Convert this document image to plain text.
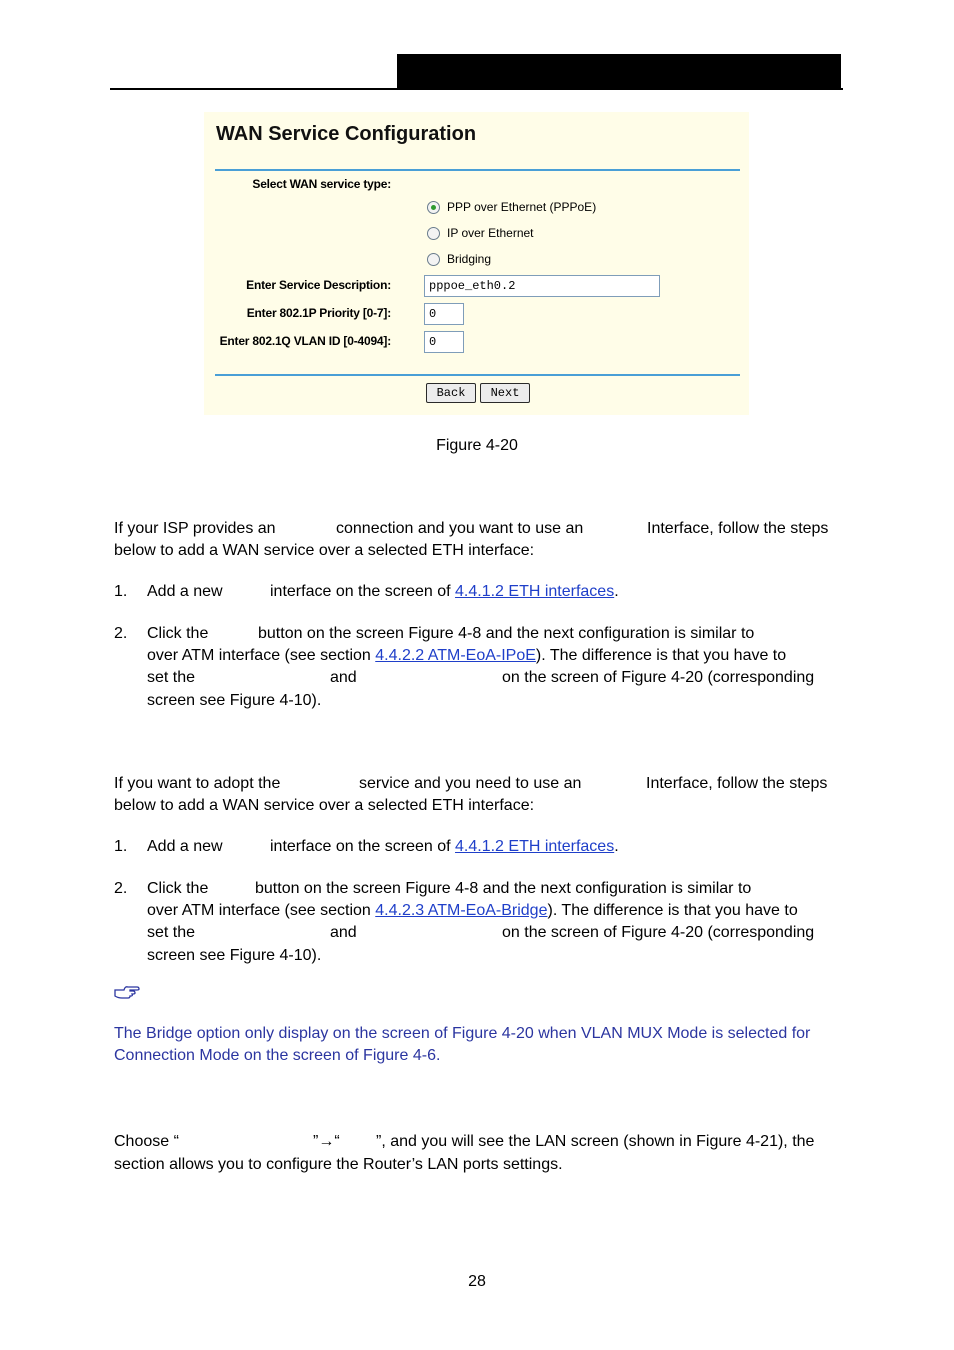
WAN Service Configuration
Select WAN service type:
PPP over Ethernet (PPPoE)
IP over Ethernet
Bridging
Enter Service Description:	pppoe_eth0.2
Enter 802.1P Priority [0-7]:	0
Enter 802.1Q VLAN ID [0-4094]:	0
Back	Next
Figure 4-20
If your ISP provides an	connection and you want to use an	Interface, follow the steps
below to add a WAN service over a selected ETH interface:
1. Add a new	interface on the screen of 4.4.1.2 ETH interfaces.
2. Click the	button on the screen Figure 4-8 and the next configuration is similar to
over ATM interface (see section 4.4.2.2 ATM-EoA-IPoE). The difference is that you have to
set the	and	on the screen of Figure 4-20 (corresponding
screen see Figure 4-10).
If you want to adopt the	service and you need to use an	Interface, follow the steps
below to add a WAN service over a selected ETH interface:
1. Add a new	interface on the screen of 4.4.1.2 ETH interfaces.
2. Click the	button on the screen Figure 4-8 and the next configuration is similar to
over ATM interface (see section 4.4.2.3 ATM-EoA-Bridge). The difference is that you have to
set the	and	on the screen of Figure 4-20 (corresponding
screen see Figure 4-10).
The Bridge option only display on the screen of Figure 4-20 when VLAN MUX Mode is selected for
Connection Mode on the screen of Figure 4-6.
Choose “	”→“ ”, and you will see the LAN screen (shown in Figure 4-21), the
section allows you to configure the Router’s LAN ports settings.
28
